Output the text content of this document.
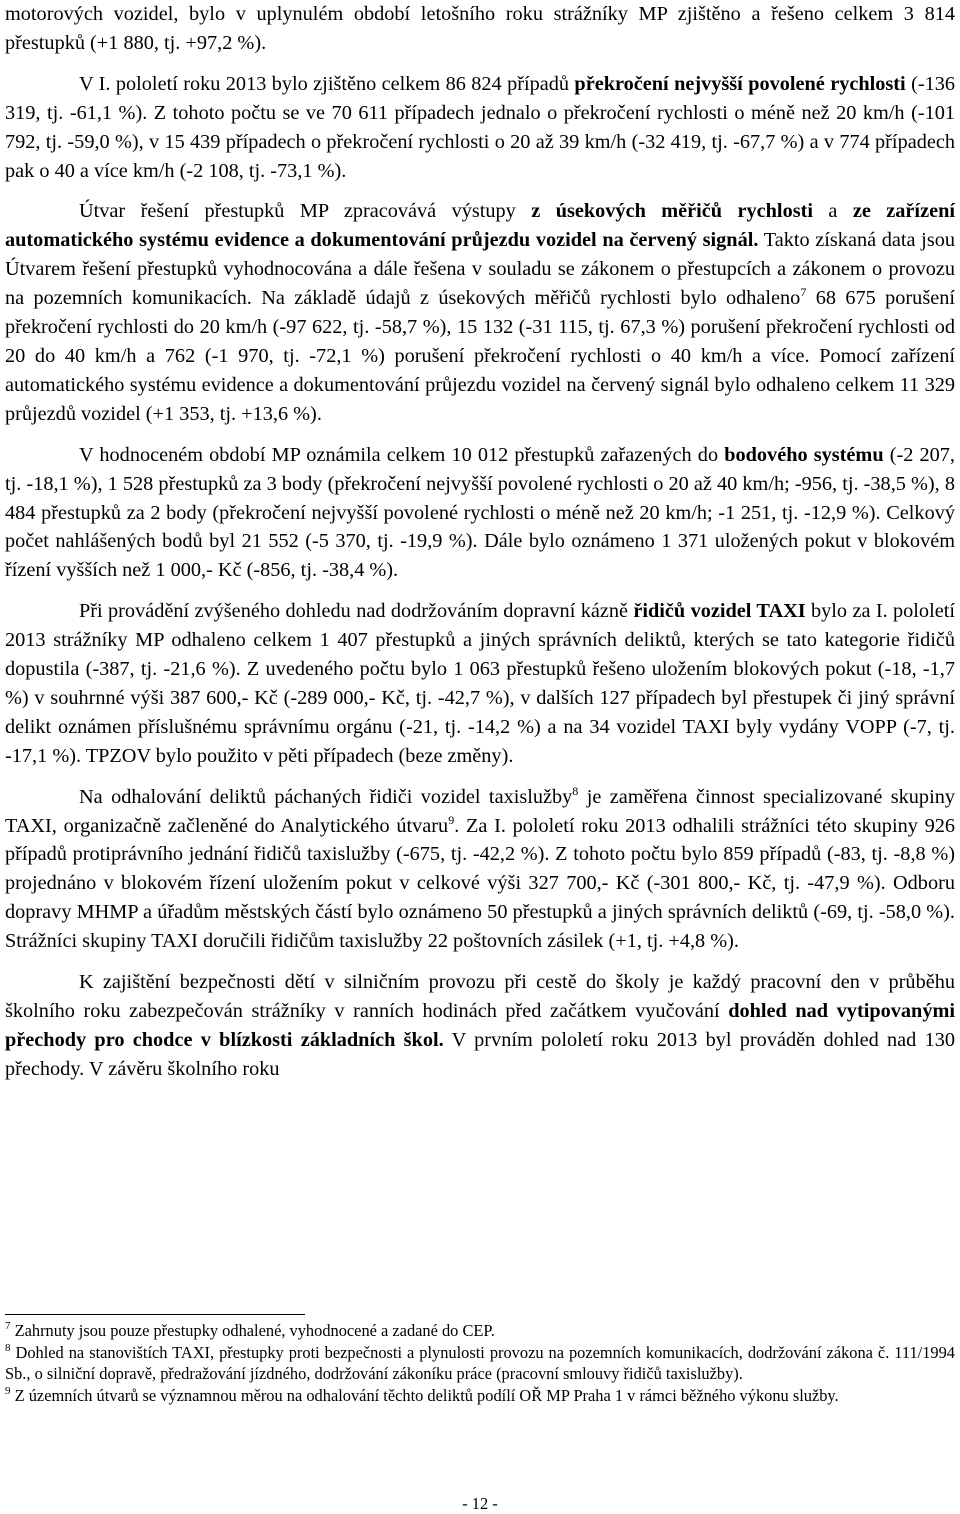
motorových vozidel, bylo v uplynulém období letošního roku strážníky MP zjištěno a řešeno celkem 3 814 přestupků (+1 880, tj. +97,2 %).

V I. pololetí roku 2013 bylo zjištěno celkem 86 824 případů překročení nejvyšší povolené rychlosti (-136 319, tj. -61,1 %). Z tohoto počtu se ve 70 611 případech jednalo o překročení rychlosti o méně než 20 km/h (-101 792, tj. -59,0 %), v 15 439 případech o překročení rychlosti o 20 až 39 km/h (-32 419, tj. -67,7 %) a v 774 případech pak o 40 a více km/h (-2 108, tj. -73,1 %).

Útvar řešení přestupků MP zpracovává výstupy z úsekových měřičů rychlosti a ze zařízení automatického systému evidence a dokumentování průjezdu vozidel na červený signál. Takto získaná data jsou Útvarem řešení přestupků vyhodnocována a dále řešena v souladu se zákonem o přestupcích a zákonem o provozu na pozemních komunikacích. Na základě údajů z úsekových měřičů rychlosti bylo odhaleno$^7$ 68 675 porušení překročení rychlosti do 20 km/h (-97 622, tj. -58,7 %), 15 132 (-31 115, tj. 67,3 %) porušení překročení rychlosti od 20 do 40 km/h a 762 (-1 970, tj. -72,1 %) porušení překročení rychlosti o 40 km/h a více. Pomocí zařízení automatického systému evidence a dokumentování průjezdu vozidel na červený signál bylo odhaleno celkem 11 329 průjezdů vozidel (+1 353, tj. +13,6 %).

V hodnoceném období MP oznámila celkem 10 012 přestupků zařazených do bodového systému (-2 207, tj. -18,1 %), 1 528 přestupků za 3 body (překročení nejvyšší povolené rychlosti o 20 až 40 km/h; -956, tj. -38,5 %), 8 484 přestupků za 2 body (překročení nejvyšší povolené rychlosti o méně než 20 km/h; -1 251, tj. -12,9 %). Celkový počet nahlášených bodů byl 21 552 (-5 370, tj. -19,9 %). Dále bylo oznámeno 1 371 uložených pokut v blokovém řízení vyšších než 1 000,- Kč (-856, tj. -38,4 %).

Při provádění zvýšeného dohledu nad dodržováním dopravní kázně řidičů vozidel TAXI bylo za I. pololetí 2013 strážníky MP odhaleno celkem 1 407 přestupků a jiných správních deliktů, kterých se tato kategorie řidičů dopustila (-387, tj. -21,6 %). Z uvedeného počtu bylo 1 063 přestupků řešeno uložením blokových pokut (-18, -1,7 %) v souhrnné výši 387 600,- Kč (-289 000,- Kč, tj. -42,7 %), v dalších 127 případech byl přestupek či jiný správní delikt oznámen příslušnému správnímu orgánu (-21, tj. -14,2 %) a na 34 vozidel TAXI byly vydány VOPP (-7, tj. -17,1 %). TPZOV bylo použito v pěti případech (beze změny).

Na odhalování deliktů páchaných řidiči vozidel taxislužby$^8$ je zaměřena činnost specializované skupiny TAXI, organizačně začleněné do Analytického útvaru$^9$. Za I. pololetí roku 2013 odhalili strážníci této skupiny 926 případů protiprávního jednání řidičů taxislužby (-675, tj. -42,2 %). Z tohoto počtu bylo 859 případů (-83, tj. -8,8 %) projednáno v blokovém řízení uložením pokut v celkové výši 327 700,- Kč (-301 800,- Kč, tj. -47,9 %). Odboru dopravy MHMP a úřadům městských částí bylo oznámeno 50 přestupků a jiných správních deliktů (-69, tj. -58,0 %). Strážníci skupiny TAXI doručili řidičům taxislužby 22 poštovních zásilek (+1, tj. +4,8 %).

K zajištění bezpečnosti dětí v silničním provozu při cestě do školy je každý pracovní den v průběhu školního roku zabezpečován strážníky v ranních hodinách před začátkem vyučování dohled nad vytipovanými přechody pro chodce v blízkosti základních škol. V prvním pololetí roku 2013 byl prováděn dohled nad 130 přechody. V závěru školního roku

$^7$ Zahrnuty jsou pouze přestupky odhalené, vyhodnocené a zadané do CEP.

$^8$ Dohled na stanovištích TAXI, přestupky proti bezpečnosti a plynulosti provozu na pozemních komunikacích, dodržování zákona č. 111/1994 Sb., o silniční dopravě, předražování jízdného, dodržování zákoníku práce (pracovní smlouvy řidičů taxislužby).

$^9$ Z územních útvarů se významnou měrou na odhalování těchto deliktů podílí OŘ MP Praha 1 v rámci běžného výkonu služby.

- 12 -
